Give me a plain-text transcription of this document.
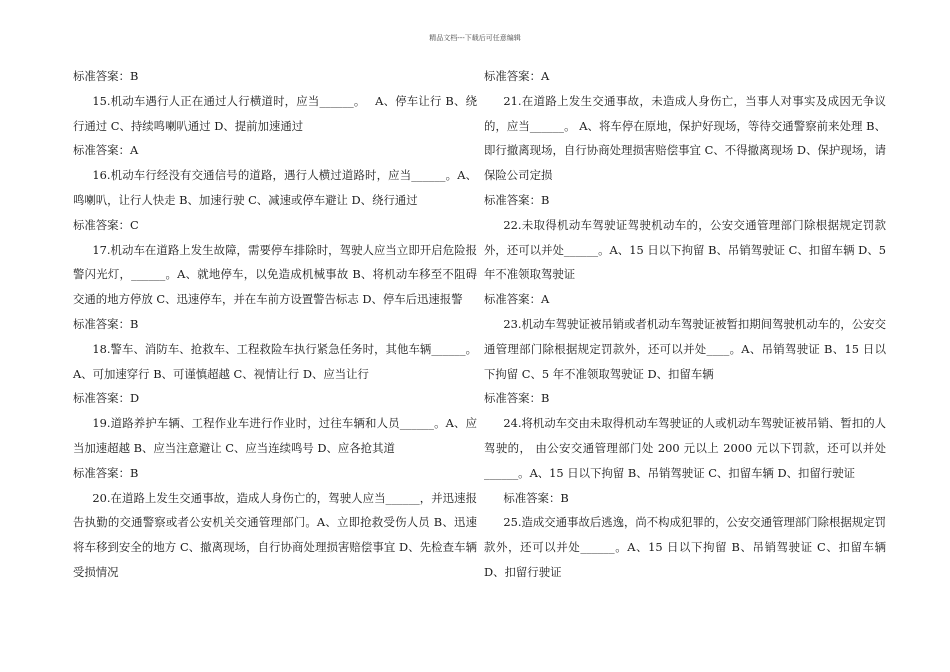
精品文档---下载后可任意编辑

标准答案：B

15.机动车遇行人正在通过人行横道时，应当______。　 A、停车让行 B、绕行通过 C、持续鸣喇叭通过 D、提前加速通过

标准答案：A

16.机动车行经没有交通信号的道路，遇行人横过道路时，应当______。A、鸣喇叭，让行人快走 B、加速行驶 C、减速或停车避让 D、绕行通过

标准答案：C

17.机动车在道路上发生故障，需要停车排除时，驾驶人应当立即开启危险报警闪光灯，______。A、就地停车，以免造成机械事故 B、将机动车移至不阻碍交通的地方停放 C、迅速停车，并在车前方设置警告标志 D、停车后迅速报警

标准答案：B

18.警车、消防车、抢救车、工程救险车执行紧急任务时，其他车辆______。A、可加速穿行 B、可谨慎超越 C、视情让行 D、应当让行

标准答案：D

19.道路养护车辆、工程作业车进行作业时，过往车辆和人员______。A、应当加速超越 B、应当注意避让 C、应当连续鸣号 D、应各抢其道

标准答案：B

20.在道路上发生交通事故，造成人身伤亡的，驾驶人应当______，并迅速报告执勤的交通警察或者公安机关交通管理部门。A、立即抢救受伤人员 B、迅速将车移到安全的地方 C、撤离现场，自行协商处理损害赔偿事宜 D、先检查车辆受损情况

标准答案：A

21.在道路上发生交通事故，未造成人身伤亡，当事人对事实及成因无争议的，应当______。 A、将车停在原地，保护好现场，等待交通警察前来处理 B、即行撤离现场，自行协商处理损害赔偿事宜 C、不得撤离现场 D、保护现场，请保险公司定损

标准答案：B

22.未取得机动车驾驶证驾驶机动车的，公安交通管理部门除根据规定罚款外，还可以并处______。A、15 日以下拘留 B、吊销驾驶证 C、扣留车辆 D、5 年不准领取驾驶证

标准答案：A

23.机动车驾驶证被吊销或者机动车驾驶证被暂扣期间驾驶机动车的，公安交通管理部门除根据规定罚款外，还可以并处____。A、吊销驾驶证 B、15 日以下拘留 C、5 年不准领取驾驶证 D、扣留车辆

标准答案：B

24.将机动车交由未取得机动车驾驶证的人或机动车驾驶证被吊销、暂扣的人驾驶的， 由公安交通管理部门处 200 元以上 2000 元以下罚款，还可以并处______。A、15 日以下拘留 B、吊销驾驶证 C、扣留车辆 D、扣留行驶证

标准答案：B

25.造成交通事故后逃逸，尚不构成犯罪的，公安交通管理部门除根据规定罚款外，还可以并处______。A、15 日以下拘留 B、吊销驾驶证 C、扣留车辆 D、扣留行驶证
